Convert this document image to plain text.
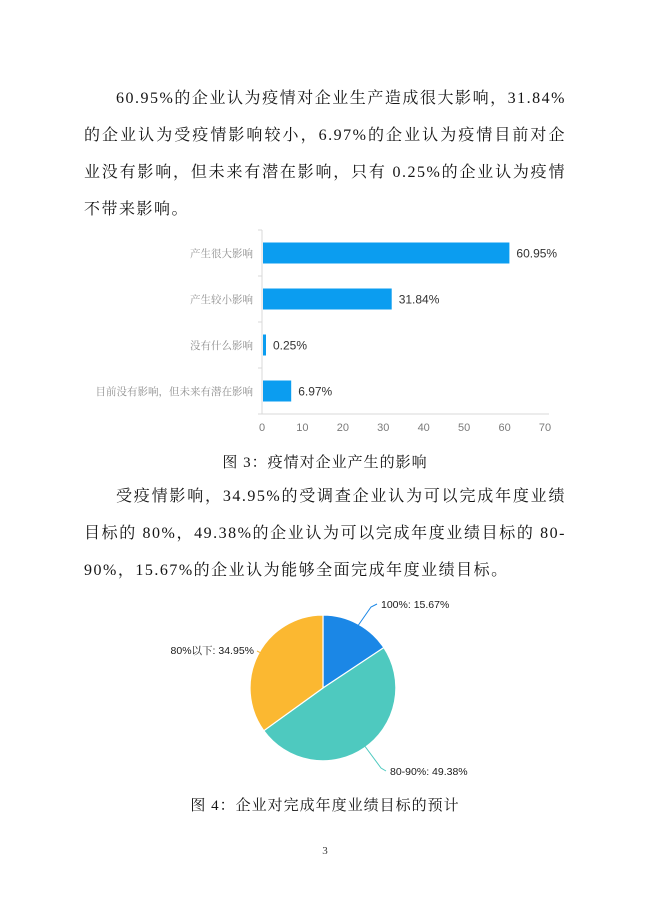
60.95%的企业认为疫情对企业生产造成很大影响，31.84%的企业认为受疫情影响较小，6.97%的企业认为疫情目前对企业没有影响，但未来有潜在影响，只有 0.25%的企业认为疫情不带来影响。

60.95%
产生很大影响
31.84%
产生较小影响
0.25%
没有什么影响
6.97%
目前没有影响，但未来有潜在影响
0	10	20	30	40	50	60	70
图 3：疫情对企业产生的影响

受疫情影响，34.95%的受调查企业认为可以完成年度业绩目标的 80%，49.38%的企业认为可以完成年度业绩目标的 80-90%，15.67%的企业认为能够全面完成年度业绩目标。

100%: 15.67%
80-90%: 49.38%
80%以下: 34.95%
图 4：企业对完成年度业绩目标的预计
3
